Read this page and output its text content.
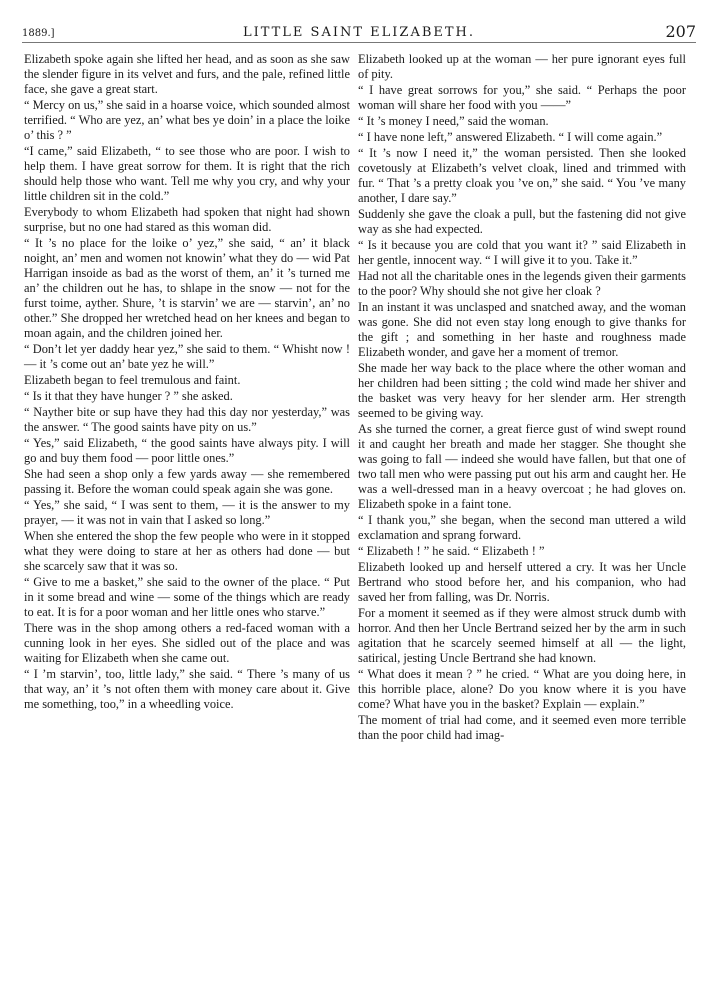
1889.]	LITTLE SAINT ELIZABETH.	207

Elizabeth spoke again she lifted her head, and as soon as she saw the slender figure in its velvet and furs, and the pale, refined little face, she gave a great start.

“ Mercy on us,” she said in a hoarse voice, which sounded almost terrified. “ Who are yez, an’ what bes ye doin’ in a place the loike o’ this ? ”

“I came,” said Elizabeth, “ to see those who are poor. I wish to help them. I have great sorrow for them. It is right that the rich should help those who want. Tell me why you cry, and why your little children sit in the cold.”

Everybody to whom Elizabeth had spoken that night had shown surprise, but no one had stared as this woman did.

“ It ’s no place for the loike o’ yez,” she said, “ an’ it black noight, an’ men and women not knowin’ what they do — wid Pat Harrigan insoide as bad as the worst of them, an’ it ’s turned me an’ the children out he has, to shlape in the snow — not for the furst toime, ayther. Shure, ’t is starvin’ we are — starvin’, an’ no other.” She dropped her wretched head on her knees and began to moan again, and the children joined her.

“ Don’t let yer daddy hear yez,” she said to them. “ Whisht now ! — it ’s come out an’ bate yez he will.”

Elizabeth began to feel tremulous and faint.

“ Is it that they have hunger ? ” she asked.

“ Nayther bite or sup have they had this day nor yesterday,” was the answer. “ The good saints have pity on us.”

“ Yes,” said Elizabeth, “ the good saints have always pity. I will go and buy them food — poor little ones.”

She had seen a shop only a few yards away — she remembered passing it. Before the woman could speak again she was gone.

“ Yes,” she said, “ I was sent to them, — it is the answer to my prayer, — it was not in vain that I asked so long.”

When she entered the shop the few people who were in it stopped what they were doing to stare at her as others had done — but she scarcely saw that it was so.

“ Give to me a basket,” she said to the owner of the place. “ Put in it some bread and wine — some of the things which are ready to eat. It is for a poor woman and her little ones who starve.”

There was in the shop among others a red-faced woman with a cunning look in her eyes. She sidled out of the place and was waiting for Elizabeth when she came out.

“ I ’m starvin’, too, little lady,” she said. “ There ’s many of us that way, an’ it ’s not often them with money care about it. Give me something, too,” in a wheedling voice.

Elizabeth looked up at the woman — her pure ignorant eyes full of pity.

“ I have great sorrows for you,” she said. “ Perhaps the poor woman will share her food with you ——”

“ It ’s money I need,” said the woman.

“ I have none left,” answered Elizabeth. “ I will come again.”

“ It ’s now I need it,” the woman persisted. Then she looked covetously at Elizabeth’s velvet cloak, lined and trimmed with fur. “ That ’s a pretty cloak you ’ve on,” she said. “ You ’ve many another, I dare say.”

Suddenly she gave the cloak a pull, but the fastening did not give way as she had expected.

“ Is it because you are cold that you want it? ” said Elizabeth in her gentle, innocent way. “ I will give it to you. Take it.”

Had not all the charitable ones in the legends given their garments to the poor? Why should she not give her cloak ?

In an instant it was unclasped and snatched away, and the woman was gone. She did not even stay long enough to give thanks for the gift ; and something in her haste and roughness made Elizabeth wonder, and gave her a moment of tremor.

She made her way back to the place where the other woman and her children had been sitting ; the cold wind made her shiver and the basket was very heavy for her slender arm. Her strength seemed to be giving way.

As she turned the corner, a great fierce gust of wind swept round it and caught her breath and made her stagger. She thought she was going to fall — indeed she would have fallen, but that one of two tall men who were passing put out his arm and caught her. He was a well-dressed man in a heavy overcoat ; he had gloves on. Elizabeth spoke in a faint tone.

“ I thank you,” she began, when the second man uttered a wild exclamation and sprang forward.

“ Elizabeth ! ” he said. “ Elizabeth ! ”

Elizabeth looked up and herself uttered a cry. It was her Uncle Bertrand who stood before her, and his companion, who had saved her from falling, was Dr. Norris.

For a moment it seemed as if they were almost struck dumb with horror. And then her Uncle Bertrand seized her by the arm in such agitation that he scarcely seemed himself at all — the light, satirical, jesting Uncle Bertrand she had known.

“ What does it mean ? ” he cried. “ What are you doing here, in this horrible place, alone? Do you know where it is you have come? What have you in the basket? Explain — explain.”

The moment of trial had come, and it seemed even more terrible than the poor child had imag-
